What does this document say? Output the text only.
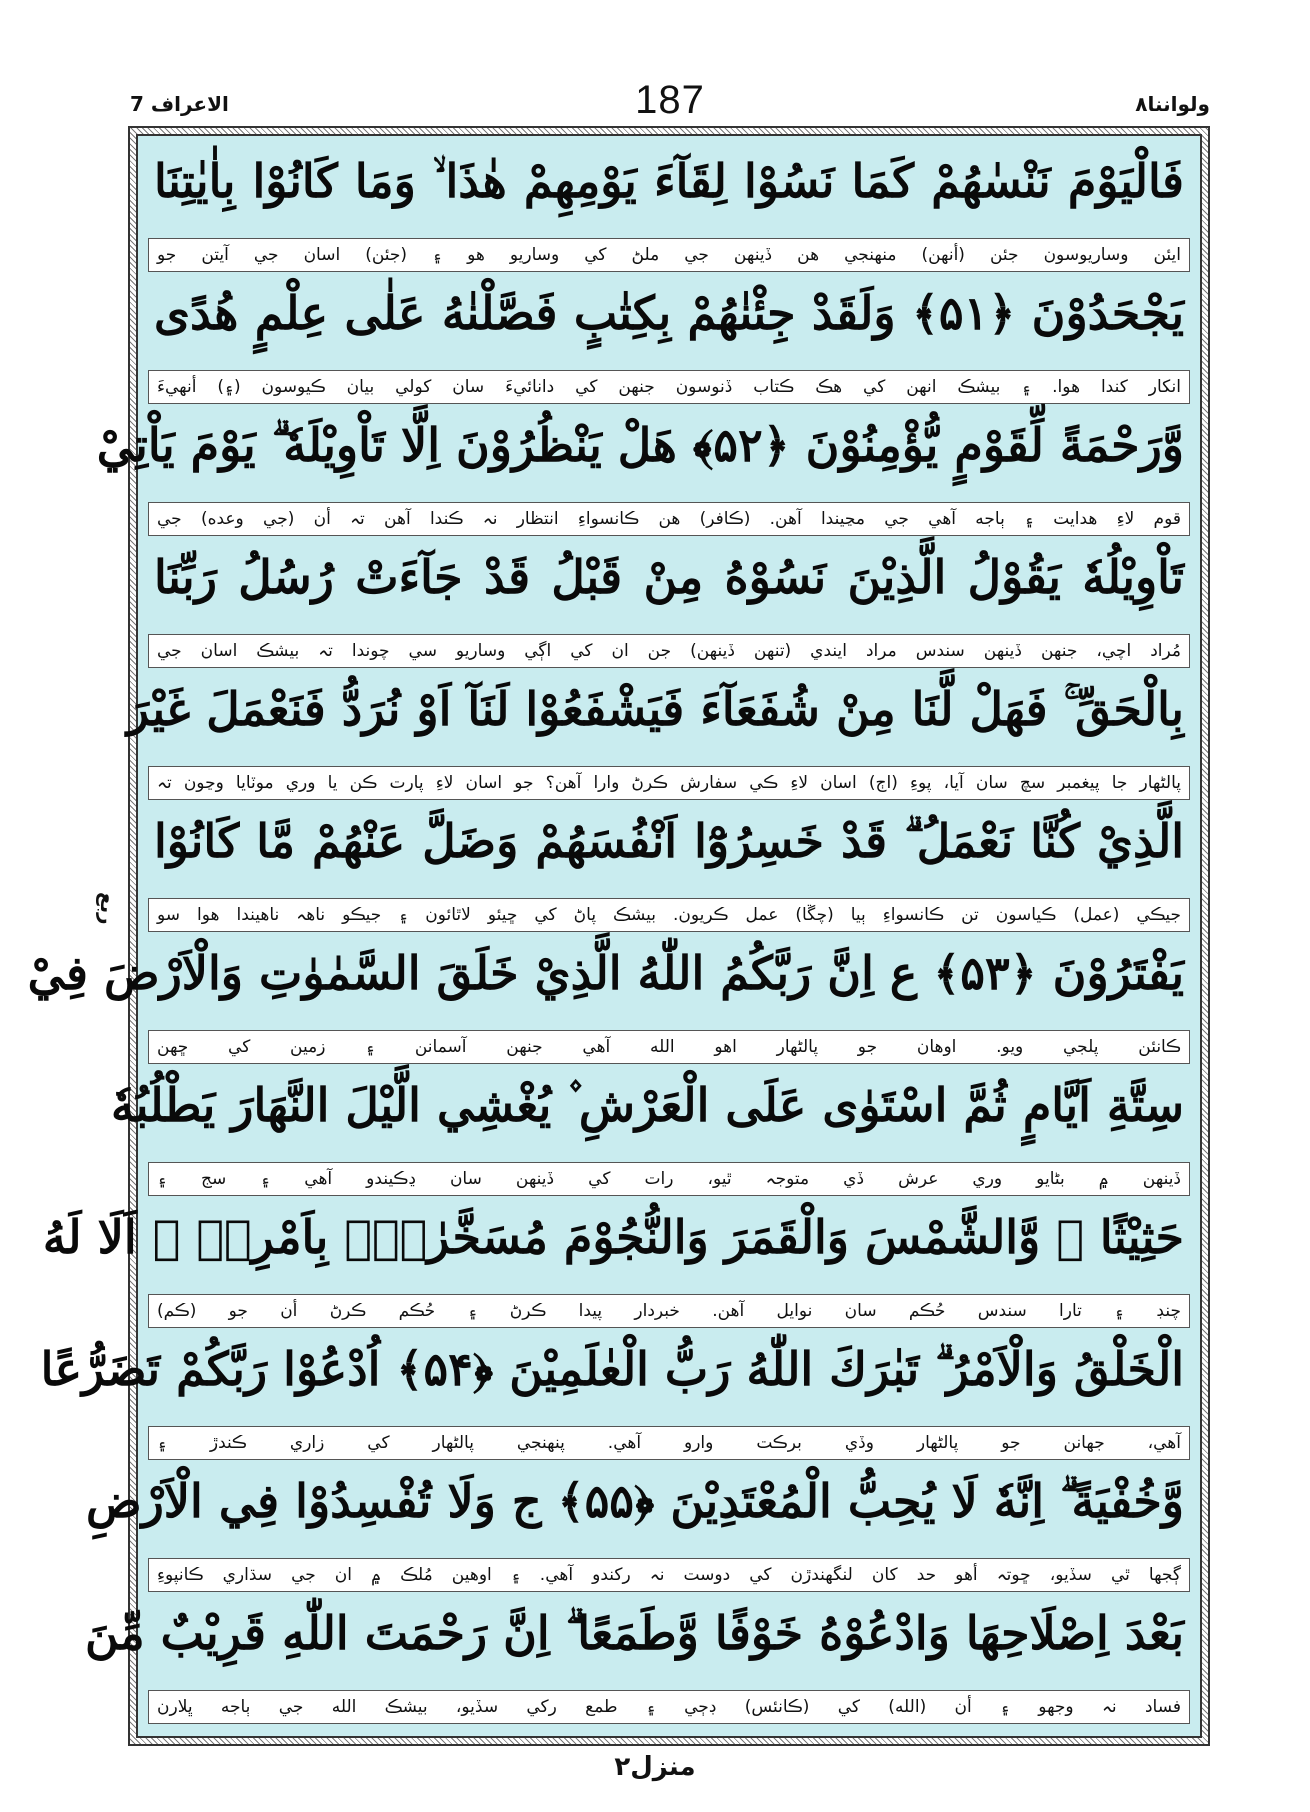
الاعراف 7	187	ولواننا۸
ربع
فَالْيَوْمَ نَنْسٰهُمْ كَمَا نَسُوْا لِقَآءَ يَوْمِهِمْ هٰذَا ۙ وَمَا كَانُوْا بِاٰيٰتِنَا
ايئن وساريوسون جئن (أنهن) منهنجي هن ڏينهن جي ملڻ کي وساريو هو ۽ (جئن) اسان جي آيتن جو
يَجْحَدُوْنَ ﴿۵۱﴾ وَلَقَدْ جِئْنٰهُمْ بِكِتٰبٍ فَصَّلْنٰهُ عَلٰى عِلْمٍ هُدًى
انکار کندا هوا. ۽ بيشڪ انهن کي هڪ ڪتاب ڏنوسون جنهن کي دانائيءَ سان کولي بيان ڪيوسون (۽) أنهيءَ
وَّرَحْمَةً لِّقَوْمٍ يُّؤْمِنُوْنَ ﴿۵۲﴾ هَلْ يَنْظُرُوْنَ اِلَّا تَاْوِيْلَهٗ ۗ يَوْمَ يَاْتِيْ
قوم لاءِ هدايت ۽ ٻاجه آهي جي مڃيندا آهن. (ڪافر) هن ڪانسواءِ انتظار نہ ڪندا آهن تہ أن (جي وعده) جي
تَاْوِيْلُهٗ يَقُوْلُ الَّذِيْنَ نَسُوْهُ مِنْ قَبْلُ قَدْ جَآءَتْ رُسُلُ رَبِّنَا
مُراد اچي، جنهن ڏينهن سندس مراد ايندي (تنهن ڏينهن) جن ان کي اڳي وساريو سي چوندا تہ بيشڪ اسان جي
بِالْحَقِّ ۚ فَهَلْ لَّنَا مِنْ شُفَعَآءَ فَيَشْفَعُوْا لَنَآ اَوْ نُرَدُّ فَنَعْمَلَ غَيْرَ
پالڻهار جا پيغمبر سچ سان آيا، پوءِ (اڄ) اسان لاءِ ڪي سفارش ڪرڻ وارا آهن؟ جو اسان لاءِ پارت ڪن يا وري موٽايا وڃون تہ
الَّذِيْ كُنَّا نَعْمَلُ ۗ قَدْ خَسِرُوْٓا اَنْفُسَهُمْ وَضَلَّ عَنْهُمْ مَّا كَانُوْا
جيڪي (عمل) ڪياسون تن ڪانسواءِ ٻيا (چڱا) عمل ڪريون. بيشڪ پاڻ کي ڇيئو لاٿائون ۽ جيڪو ناهہ ناهيندا هوا سو
يَفْتَرُوْنَ ﴿۵۳﴾ ع اِنَّ رَبَّكُمُ اللّٰهُ الَّذِيْ خَلَقَ السَّمٰوٰتِ وَالْاَرْضَ فِيْ
ڪانئن پلجي ويو. اوهان جو پالڻهار اهو الله آهي جنهن آسمانن ۽ زمين کي ڇهن
سِتَّةِ اَيَّامٍ ثُمَّ اسْتَوٰى عَلَى الْعَرْشِ ۫ يُغْشِي الَّيْلَ النَّهَارَ يَطْلُبُهٗ
ڏينهن ۾ بڻايو وري عرش ڏي متوجہ ٿيو، رات کي ڏينهن سان ڍڪيندو آهي ۽ سج ۽
حَثِيْثًا ۙ وَّالشَّمْسَ وَالْقَمَرَ وَالنُّجُوْمَ مُسَخَّرٰتٍۭ بِاَمْرِهٖ ۗ اَلَا لَهُ
چنڊ ۽ تارا سندس حُڪم سان نوايل آهن. خبردار پيدا ڪرڻ ۽ حُڪم ڪرڻ أن جو (ڪم)
الْخَلْقُ وَالْاَمْرُ ۗ تَبٰرَكَ اللّٰهُ رَبُّ الْعٰلَمِيْنَ ﴿۵۴﴾ اُدْعُوْا رَبَّكُمْ تَضَرُّعًا
آهي، جهانن جو پالڻهار وڏي برڪت وارو آهي. پنهنجي پالڻهار کي زاري ڪندڙ ۽
وَّخُفْيَةً ۗ اِنَّهٗ لَا يُحِبُّ الْمُعْتَدِيْنَ ﴿۵۵﴾ ج وَلَا تُفْسِدُوْا فِي الْاَرْضِ
ڳجها ٿي سڏيو، ڇوتہ أهو حد کان لنگهندڙن کي دوست نہ رکندو آهي. ۽ اوهين مُلڪ ۾ ان جي سڌاري ڪانپوءِ
بَعْدَ اِصْلَاحِهَا وَادْعُوْهُ خَوْفًا وَّطَمَعًا ۗ اِنَّ رَحْمَتَ اللّٰهِ قَرِيْبٌ مِّنَ
فساد نہ وجهو ۽ أن (الله) کي (ڪانئس) ڊڄي ۽ طمع رکي سڏيو، بيشڪ الله جي ٻاجه ڀلارن
منزل٢
